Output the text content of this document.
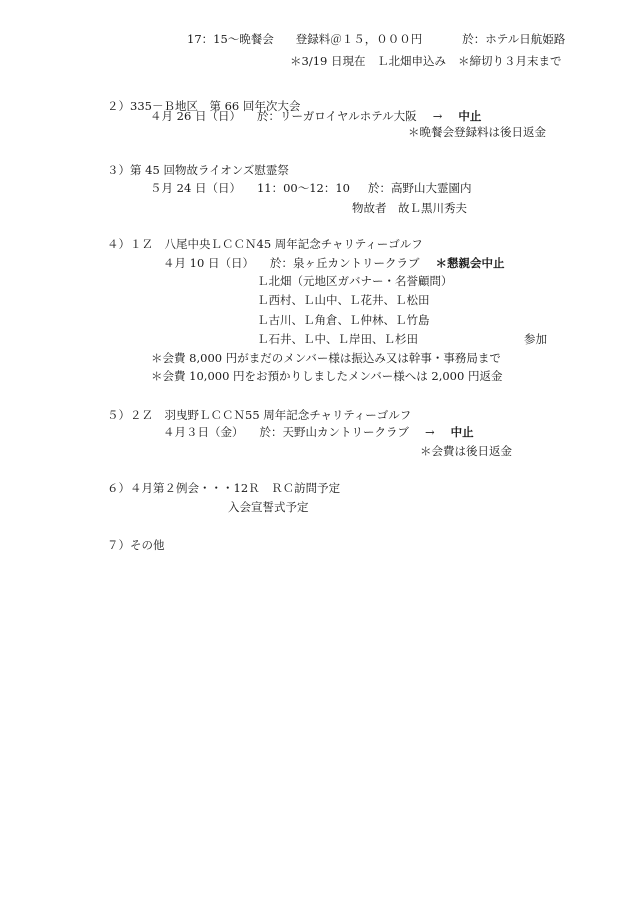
17：15～晩餐会 登録料＠１５，０００円	於：ホテル日航姫路
＊3/19 日現在　Ｌ北畑申込み ＊締切り３月末まで
２）335－Ｂ地区　第 66 回年次大会
４月 26 日（日） 於：リーガロイヤルホテル大阪 → 中止
＊晩餐会登録料は後日返金
３）第 45 回物故ライオンズ慰霊祭
５月 24 日（日） 11：00～12：10 於：高野山大霊園内
物故者　故Ｌ黒川秀夫
４）１Ｚ　八尾中央ＬＣＣＮ45 周年記念チャリティーゴルフ
４月 10 日（日） 於：泉ヶ丘カントリークラブ ＊懇親会中止
Ｌ北畑（元地区ガバナー・名誉顧問）
Ｌ西村、Ｌ山中、Ｌ花井、Ｌ松田
Ｌ古川、Ｌ角倉、Ｌ仲林、Ｌ竹島
Ｌ石井、Ｌ中、Ｌ岸田、Ｌ杉田	参加
＊会費 8,000 円がまだのメンバー様は振込み又は幹事・事務局まで
＊会費 10,000 円をお預かりしましたメンバー様へは 2,000 円返金
５）２Ｚ　羽曳野ＬＣＣＮ55 周年記念チャリティーゴルフ
４月３日（金） 於：天野山カントリークラブ → 中止
＊会費は後日返金
６）４月第２例会・・・12Ｒ　ＲＣ訪問予定
入会宣誓式予定
７）その他
